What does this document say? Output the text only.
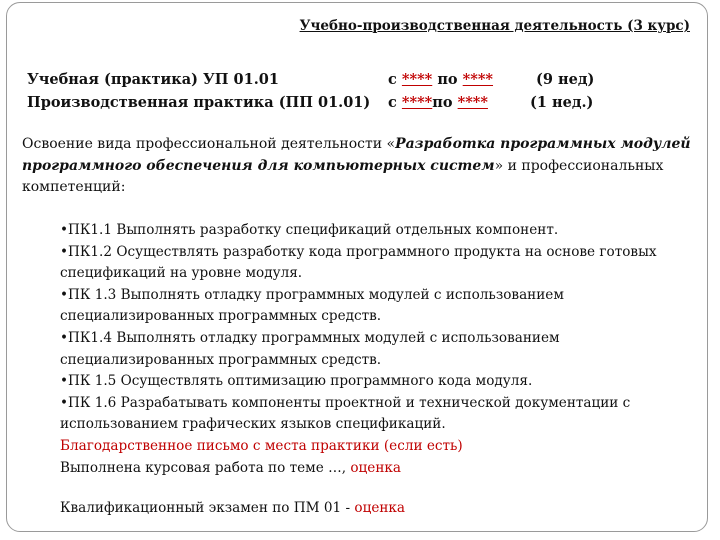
Учебно-производственная деятельность (3 курс)
Учебная (практика) УП 01.01	с **** по ****	(9 нед)
Производственная практика (ПП 01.01) с ****по ****	(1 нед.)
Освоение вида профессиональной деятельности «Разработка программных модулей программного обеспечения для компьютерных систем» и профессиональных компетенций:

•ПК1.1 Выполнять разработку спецификаций отдельных компонент.

•ПК1.2 Осуществлять разработку кода программного продукта на основе готовых спецификаций на уровне модуля.

•ПК 1.3 Выполнять отладку программных модулей с использованием специализированных программных средств.

•ПК1.4 Выполнять отладку программных модулей с использованием специализированных программных средств.

•ПК 1.5 Осуществлять оптимизацию программного кода модуля.

•ПК 1.6 Разрабатывать компоненты проектной и технической документации с использованием графических языков спецификаций.

Благодарственное письмо с места практики (если есть)

Выполнена курсовая работа по теме …, оценка

Квалификационный экзамен по ПМ 01 - оценка
